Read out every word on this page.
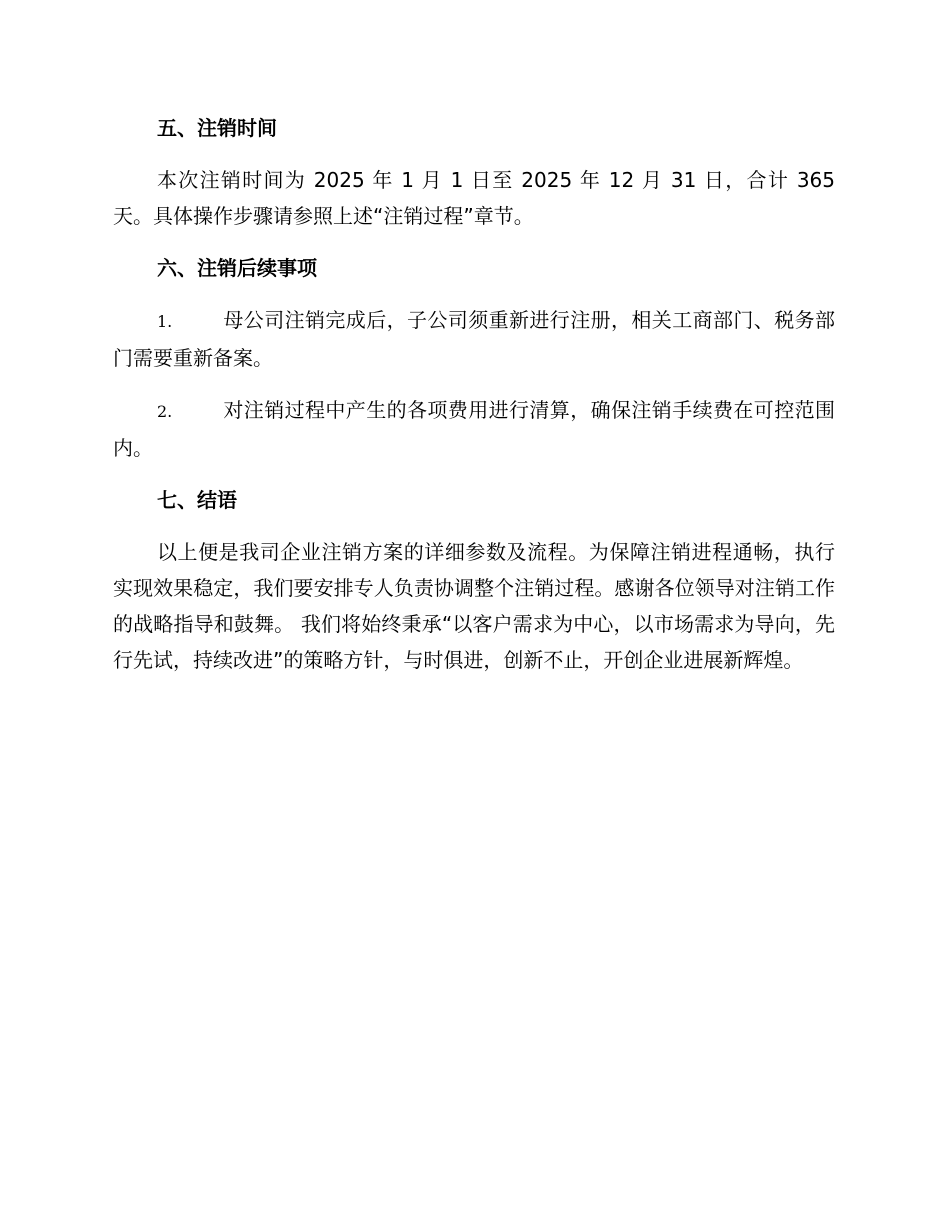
五、注销时间

本次注销时间为 2025 年 1 月 1 日至 2025 年 12 月 31 日，合计 365 天。具体操作步骤请参照上述“注销过程”章节。

六、注销后续事项

1.	母公司注销完成后，子公司须重新进行注册，相关工商部门、税务部门需要重新备案。

2.	对注销过程中产生的各项费用进行清算，确保注销手续费在可控范围内。

七、结语

以上便是我司企业注销方案的详细参数及流程。为保障注销进程通畅，执行实现效果稳定，我们要安排专人负责协调整个注销过程。感谢各位领导对注销工作的战略指导和鼓舞。 我们将始终秉承“以客户需求为中心，以市场需求为导向，先行先试，持续改进”的策略方针，与时俱进，创新不止，开创企业进展新辉煌。
